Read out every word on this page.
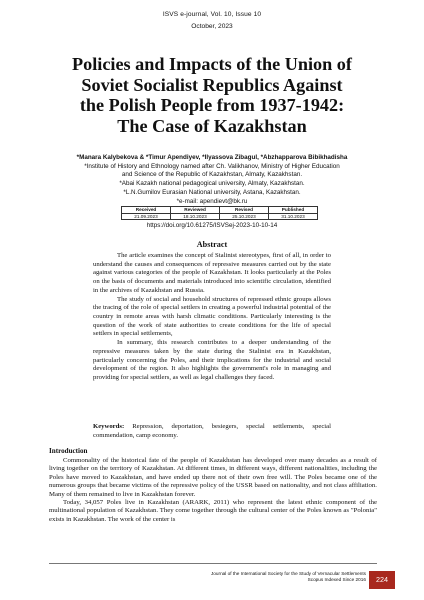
ISVS e-journal, Vol. 10, Issue 10
October, 2023
Policies and Impacts of the Union of
Soviet Socialist Republics Against
the Polish People from 1937-1942:
The Case of Kazakhstan
*Manara Kalybekova & *Timur Apendiyev, *Ilyassova Zibagul, *Abzhapparova Bibikhadisha
*Institute of History and Ethnology named after Ch. Valikhanov, Ministry of Higher Education
and Science of the Republic of Kazakhstan, Almaty, Kazakhstan.
*Abai Kazakh national pedagogical university, Almaty, Kazakhstan.
*L.N.Gumilov Eurasian National university, Astana, Kazakhstan.
*e-mail: apendievt@bk.ru
Received	Reviewed	Revised	Published
21.09.2023	18.10.2023	25.10.2023	31.10.2023
https://doi.org/10.61275/ISVSej-2023-10-10-14
Abstract

The article examines the concept of Stalinist stereotypes, first of all, in order to understand the causes and consequences of repressive measures carried out by the state against various categories of the people of Kazakhstan. It looks particularly at the Poles on the basis of documents and materials introduced into scientific circulation, identified in the archives of Kazakhstan and Russia.

The study of social and household structures of repressed ethnic groups allows the tracing of the role of special settlers in creating a powerful industrial potential of the country in remote areas with harsh climatic conditions. Particularly interesting is the question of the work of state authorities to create conditions for the life of special settlers in special settlements,

In summary, this research contributes to a deeper understanding of the repressive measures taken by the state during the Stalinist era in Kazakhstan, particularly concerning the Poles, and their implications for the industrial and social development of the region. It also highlights the government's role in managing and providing for special settlers, as well as legal challenges they faced.

Keywords: Repression, deportation, besiegers, special settlements, special commendation, camp economy.
Introduction

Commonality of the historical fate of the people of Kazakhstan has developed over many decades as a result of living together on the territory of Kazakhstan. At different times, in different ways, different nationalities, including the Poles have moved to Kazakhstan, and have ended up there not of their own free will. The Poles became one of the numerous groups that became victims of the repressive policy of the USSR based on nationality, and not class affiliation. Many of them remained to live in Kazakhstan forever.

Today, 34,057 Poles live in Kazakhstan (ARARK, 2011) who represent the latest ethnic component of the multinational population of Kazakhstan. They come together through the cultural center of the Poles known as "Polonia" exists in Kazakhstan. The work of the center is

Journal of the International Society for the Study of Vernacular Settlements
Scopus Indexed Since 2016	224
